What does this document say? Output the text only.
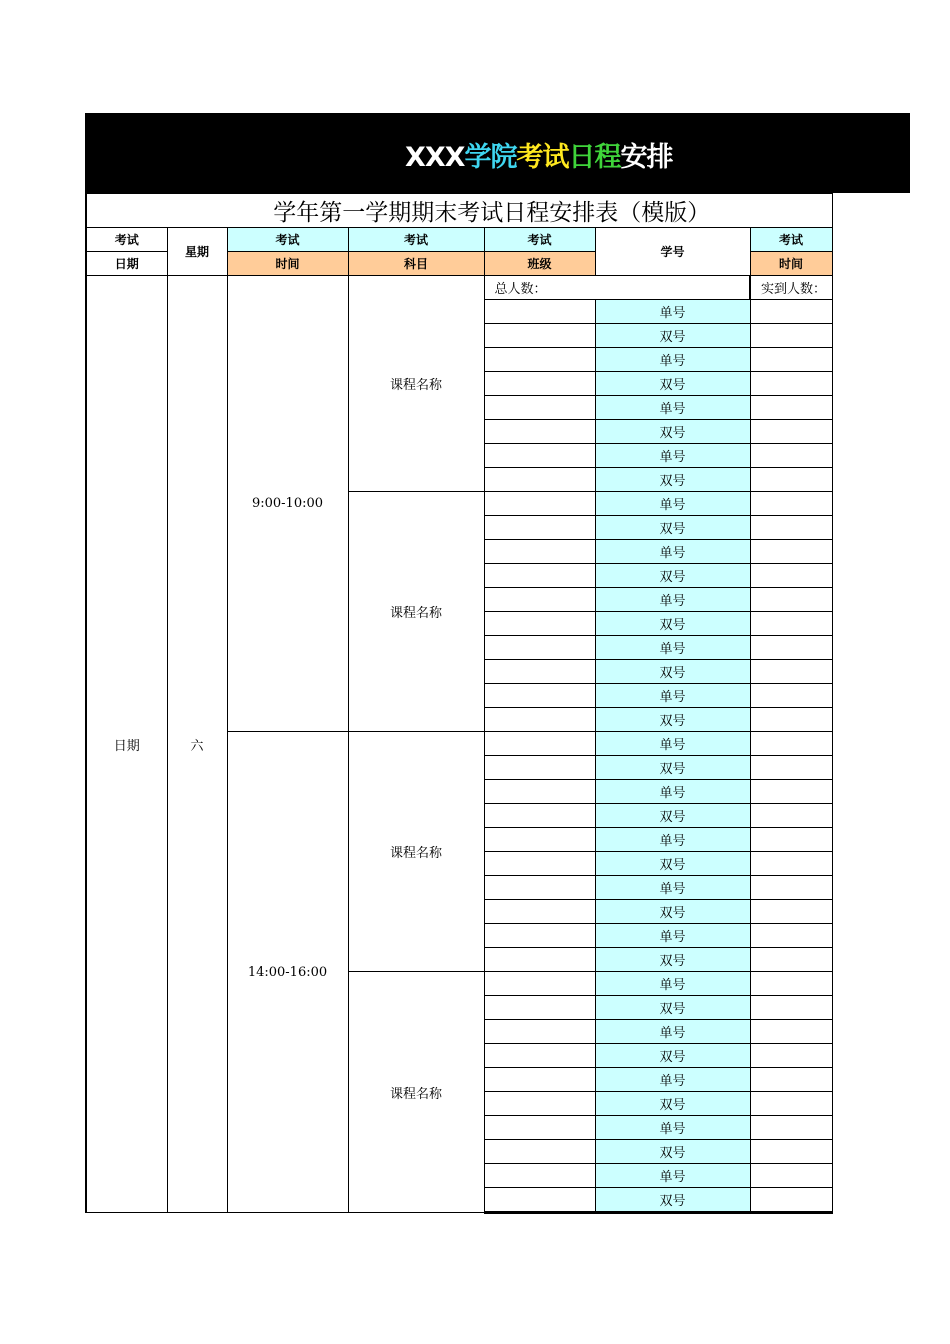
XXX学院考试日程安排
学年第一学期期末考试日程安排表（模版）						
考试	星期	考试	考试	考试	学号	考试
日期		时间	科目	班级		时间
日期	六	9:00-10:00	课程名称	总人数：		实到人数：
					单号	
					双号	
					单号	
					双号	
					单号	
					双号	
					单号	
					双号	
			课程名称		单号	
					双号	
					单号	
					双号	
					单号	
					双号	
					单号	
					双号	
					单号	
					双号	
		14:00-16:00	课程名称		单号	
					双号	
					单号	
					双号	
					单号	
					双号	
					单号	
					双号	
					单号	
					双号	
			课程名称		单号	
					双号	
					单号	
					双号	
					单号	
					双号	
					单号	
					双号	
					单号	
					双号	
